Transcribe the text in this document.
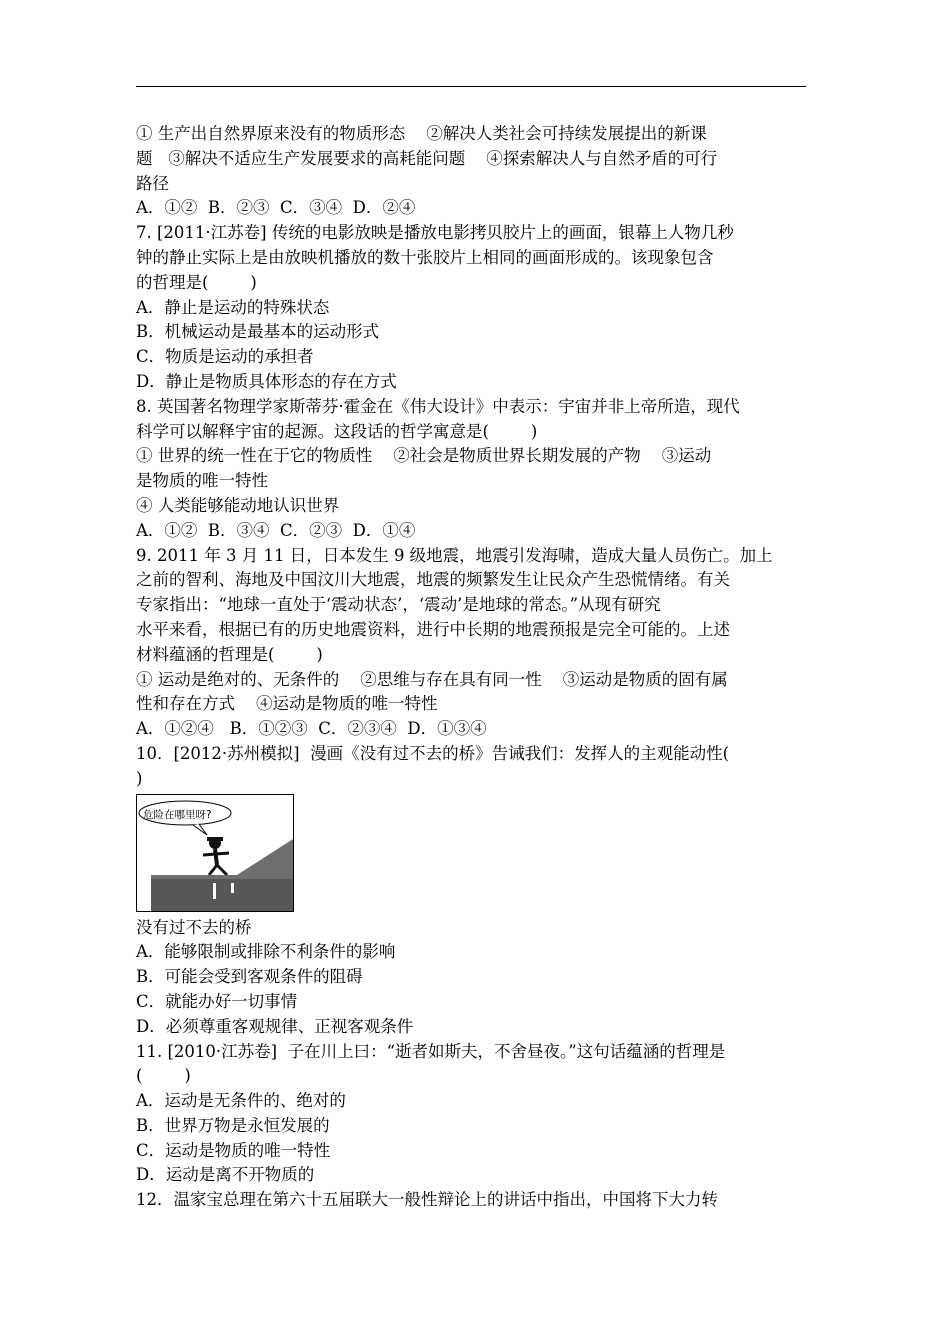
① 生产出自然界原来没有的物质形态    ②解决人类社会可持续发展提出的新课
题   ③解决不适应生产发展要求的高耗能问题    ④探索解决人与自然矛盾的可行
路径
A．①②  B．②③  C．③④  D．②④
7. [2011·江苏卷] 传统的电影放映是播放电影拷贝胶片上的画面，银幕上人物几秒
钟的静止实际上是由放映机播放的数十张胶片上相同的画面形成的。该现象包含
的哲理是(        )
A．静止是运动的特殊状态
B．机械运动是最基本的运动形式
C．物质是运动的承担者
D．静止是物质具体形态的存在方式
8. 英国著名物理学家斯蒂芬·霍金在《伟大设计》中表示：宇宙并非上帝所造，现代
科学可以解释宇宙的起源。这段话的哲学寓意是(        )
① 世界的统一性在于它的物质性    ②社会是物质世界长期发展的产物    ③运动
是物质的唯一特性
④ 人类能够能动地认识世界
A．①②  B．③④  C．②③  D．①④
9. 2011 年 3 月 11 日，日本发生 9 级地震，地震引发海啸，造成大量人员伤亡。加上
之前的智利、海地及中国汶川大地震，地震的频繁发生让民众产生恐慌情绪。有关
专家指出：“地球一直处于‘震动状态’，‘震动’是地球的常态。”从现有研究
水平来看，根据已有的历史地震资料，进行中长期的地震预报是完全可能的。上述
材料蕴涵的哲理是(        )
① 运动是绝对的、无条件的    ②思维与存在具有同一性    ③运动是物质的固有属
性和存在方式    ④运动是物质的唯一特性
A．①②④   B．①②③  C．②③④  D．①③④
10．[2012·苏州模拟]  漫画《没有过不去的桥》告诫我们：发挥人的主观能动性(
)
危险在哪里呀?
没有过不去的桥
A．能够限制或排除不利条件的影响
B．可能会受到客观条件的阻碍
C．就能办好一切事情
D．必须尊重客观规律、正视客观条件
11. [2010·江苏卷]  子在川上曰：“逝者如斯夫，不舍昼夜。”这句话蕴涵的哲理是
(        )
A．运动是无条件的、绝对的
B．世界万物是永恒发展的
C．运动是物质的唯一特性
D．运动是离不开物质的
12．温家宝总理在第六十五届联大一般性辩论上的讲话中指出，中国将下大力转
